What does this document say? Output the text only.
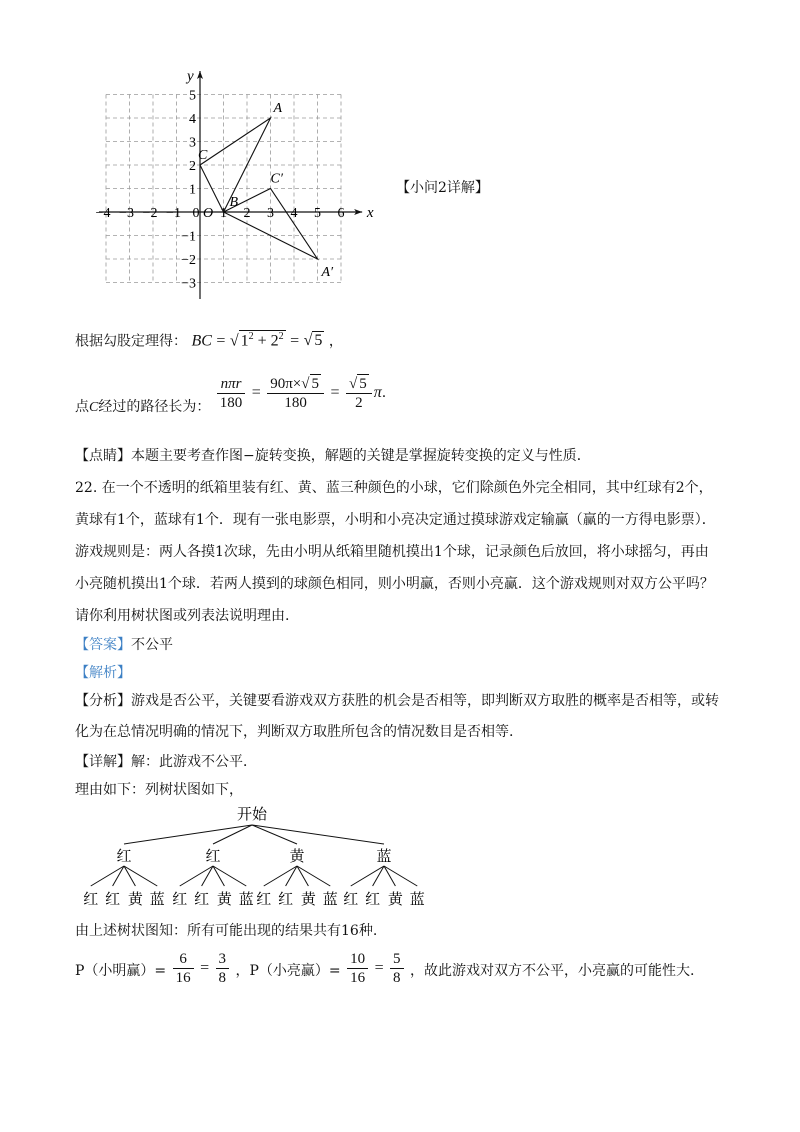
x
y
−4 −3 −2 −1 0 1 2 3 4 5 6
5
4
3
2
1
−1
−2
−3
O
A
B
C
C′
A′
【小问2详解】
根据勾股定理得： BC = √ $1^2 + 2^2$ = √ 5 ，
点C经过的路径长为： $\frac{\text{nπr}}{180} = \frac{90\pi\times√ 5}{180} = \frac{√ 5}{2} \pi$.
【点睛】本题主要考查作图−旋转变换，解题的关键是掌握旋转变换的定义与性质．
22. 在一个不透明的纸箱里装有红、黄、蓝三种颜色的小球，它们除颜色外完全相同，其中红球有2个，
黄球有1个，蓝球有1个．现有一张电影票，小明和小亮决定通过摸球游戏定输赢（赢的一方得电影票）．
游戏规则是：两人各摸1次球，先由小明从纸箱里随机摸出1个球，记录颜色后放回，将小球摇匀，再由
小亮随机摸出1个球．若两人摸到的球颜色相同，则小明赢，否则小亮赢．这个游戏规则对双方公平吗？
请你利用树状图或列表法说明理由.
【答案】不公平
【解析】
【分析】游戏是否公平，关键要看游戏双方获胜的机会是否相等，即判断双方取胜的概率是否相等，或转
化为在总情况明确的情况下，判断双方取胜所包含的情况数目是否相等.
【详解】解：此游戏不公平．
理由如下：列树状图如下，
开始
红	红	黄	蓝
红 红 黄 蓝 红 红 黄 蓝 红 红 黄 蓝 红 红 黄 蓝
由上述树状图知：所有可能出现的结果共有16种.
P（小明赢）= $\frac{6}{16} = \frac{3}{8}$ ，P（小亮赢）= $\frac{10}{16} = \frac{5}{8}$ ，故此游戏对双方不公平，小亮赢的可能性大.
